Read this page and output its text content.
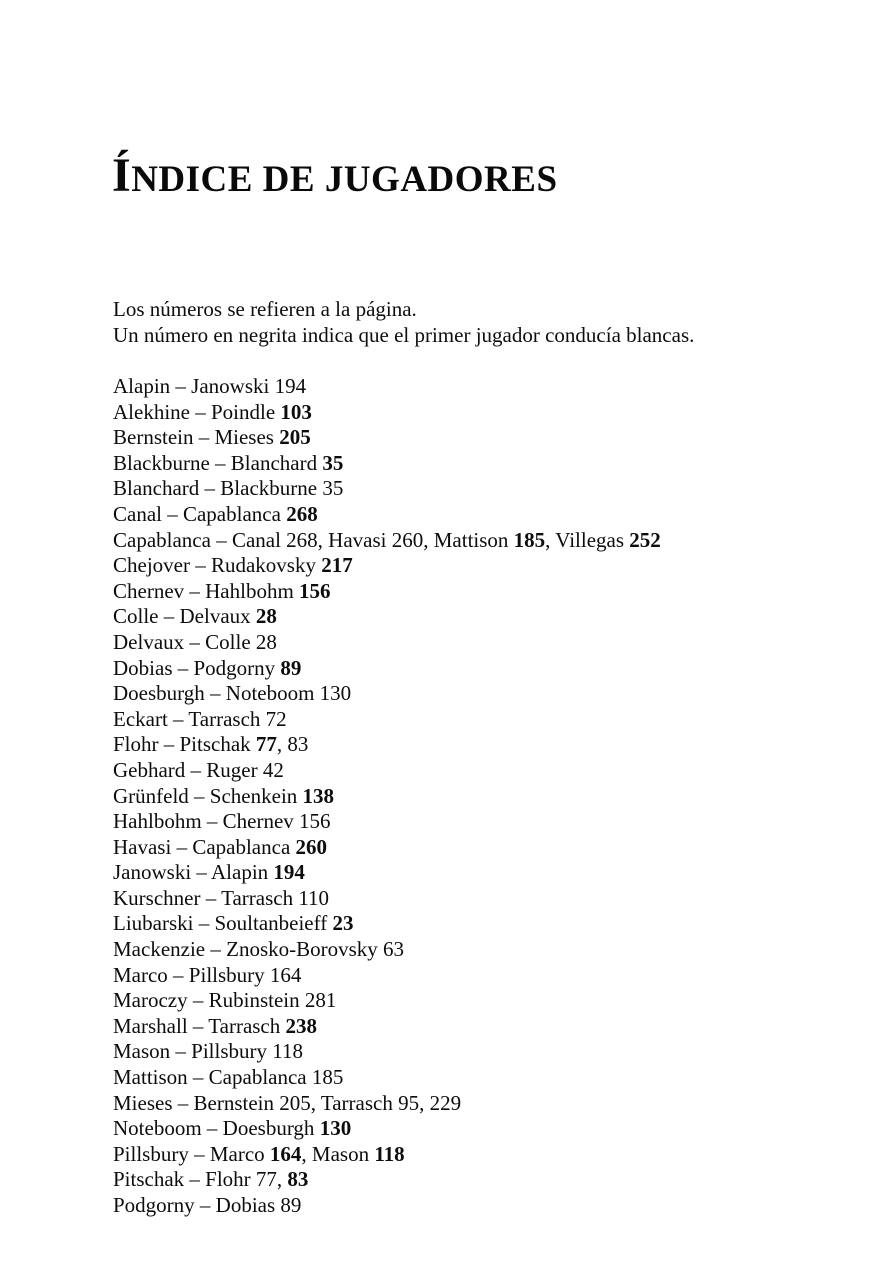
ÍNDICE DE JUGADORES

Los números se refieren a la página.

Un número en negrita indica que el primer jugador conducía blancas.

Alapin – Janowski 194
Alekhine – Poindle 103
Bernstein – Mieses 205
Blackburne – Blanchard 35
Blanchard – Blackburne 35
Canal – Capablanca 268
Capablanca – Canal 268, Havasi 260, Mattison 185, Villegas 252
Chejover – Rudakovsky 217
Chernev – Hahlbohm 156
Colle – Delvaux 28
Delvaux – Colle 28
Dobias – Podgorny 89
Doesburgh – Noteboom 130
Eckart – Tarrasch 72
Flohr – Pitschak 77, 83
Gebhard – Ruger 42
Grünfeld – Schenkein 138
Hahlbohm – Chernev 156
Havasi – Capablanca 260
Janowski – Alapin 194
Kurschner – Tarrasch 110
Liubarski – Soultanbeieff 23
Mackenzie – Znosko-Borovsky 63
Marco – Pillsbury 164
Maroczy – Rubinstein 281
Marshall – Tarrasch 238
Mason – Pillsbury 118
Mattison – Capablanca 185
Mieses – Bernstein 205, Tarrasch 95, 229
Noteboom – Doesburgh 130
Pillsbury – Marco 164, Mason 118
Pitschak – Flohr 77, 83
Podgorny – Dobias 89
